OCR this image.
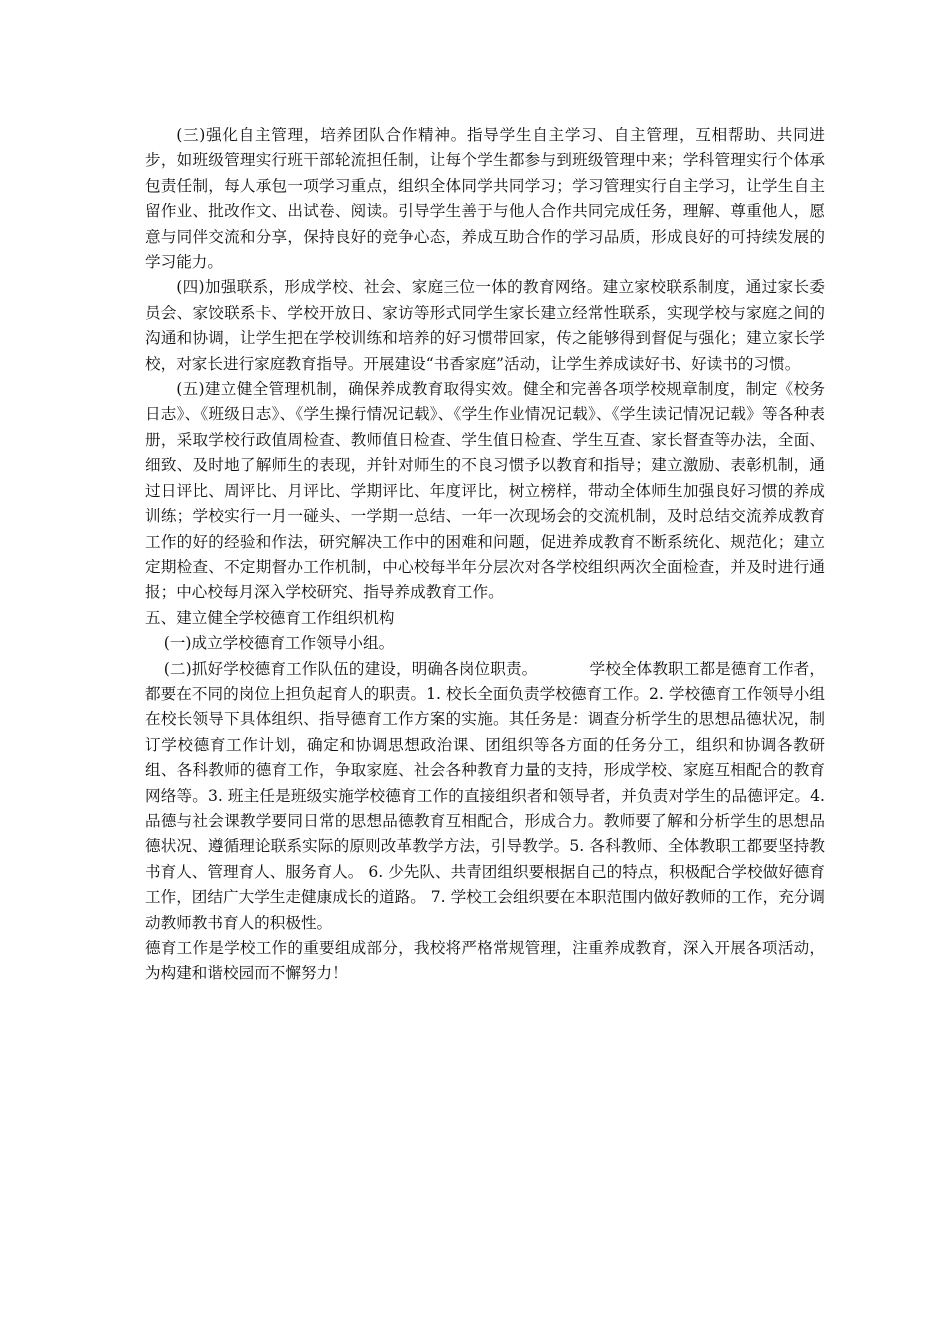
(三)强化自主管理，培养团队合作精神。指导学生自主学习、自主管理，互相帮助、共同进步，如班级管理实行班干部轮流担任制，让每个学生都参与到班级管理中来；学科管理实行个体承包责任制，每人承包一项学习重点，组织全体同学共同学习；学习管理实行自主学习，让学生自主留作业、批改作文、出试卷、阅读。引导学生善于与他人合作共同完成任务，理解、尊重他人，愿意与同伴交流和分享，保持良好的竞争心态，养成互助合作的学习品质，形成良好的可持续发展的学习能力。

(四)加强联系，形成学校、社会、家庭三位一体的教育网络。建立家校联系制度，通过家长委员会、家饺联系卡、学校开放日、家访等形式同学生家长建立经常性联系，实现学校与家庭之间的沟通和协调，让学生把在学校训练和培养的好习惯带回家，传之能够得到督促与强化；建立家长学校，对家长进行家庭教育指导。开展建设“书香家庭”活动，让学生养成读好书、好读书的习惯。

(五)建立健全管理机制，确保养成教育取得实效。健全和完善各项学校规章制度，制定《校务日志》、《班级日志》、《学生操行情况记载》、《学生作业情况记载》、《学生读记情况记载》等各种表册，采取学校行政值周检查、教师值日检查、学生值日检查、学生互查、家长督查等办法，全面、细致、及时地了解师生的表现，并针对师生的不良习惯予以教育和指导；建立激励、表彰机制，通过日评比、周评比、月评比、学期评比、年度评比，树立榜样，带动全体师生加强良好习惯的养成训练；学校实行一月一碰头、一学期一总结、一年一次现场会的交流机制，及时总结交流养成教育工作的好的经验和作法，研究解决工作中的困难和问题，促进养成教育不断系统化、规范化；建立定期检查、不定期督办工作机制，中心校每半年分层次对各学校组织两次全面检查，并及时进行通报；中心校每月深入学校研究、指导养成教育工作。

五、建立健全学校德育工作组织机构

(一)成立学校德育工作领导小组。

(二)抓好学校德育工作队伍的建设，明确各岗位职责。	学校全体教职工都是德育工作者，都要在不同的岗位上担负起育人的职责。1. 校长全面负责学校德育工作。2. 学校德育工作领导小组在校长领导下具体组织、指导德育工作方案的实施。其任务是：调查分析学生的思想品德状况，制订学校德育工作计划，确定和协调思想政治课、团组织等各方面的任务分工，组织和协调各教研组、各科教师的德育工作，争取家庭、社会各种教育力量的支持，形成学校、家庭互相配合的教育网络等。3. 班主任是班级实施学校德育工作的直接组织者和领导者，并负责对学生的品德评定。4. 品德与社会课教学要同日常的思想品德教育互相配合，形成合力。教师要了解和分析学生的思想品德状况、遵循理论联系实际的原则改革教学方法，引导教学。5. 各科教师、全体教职工都要坚持教书育人、管理育人、服务育人。 6. 少先队、共青团组织要根据自己的特点，积极配合学校做好德育工作，团结广大学生走健康成长的道路。 7. 学校工会组织要在本职范围内做好教师的工作，充分调动教师教书育人的积极性。

德育工作是学校工作的重要组成部分，我校将严格常规管理，注重养成教育，深入开展各项活动，为构建和谐校园而不懈努力！
